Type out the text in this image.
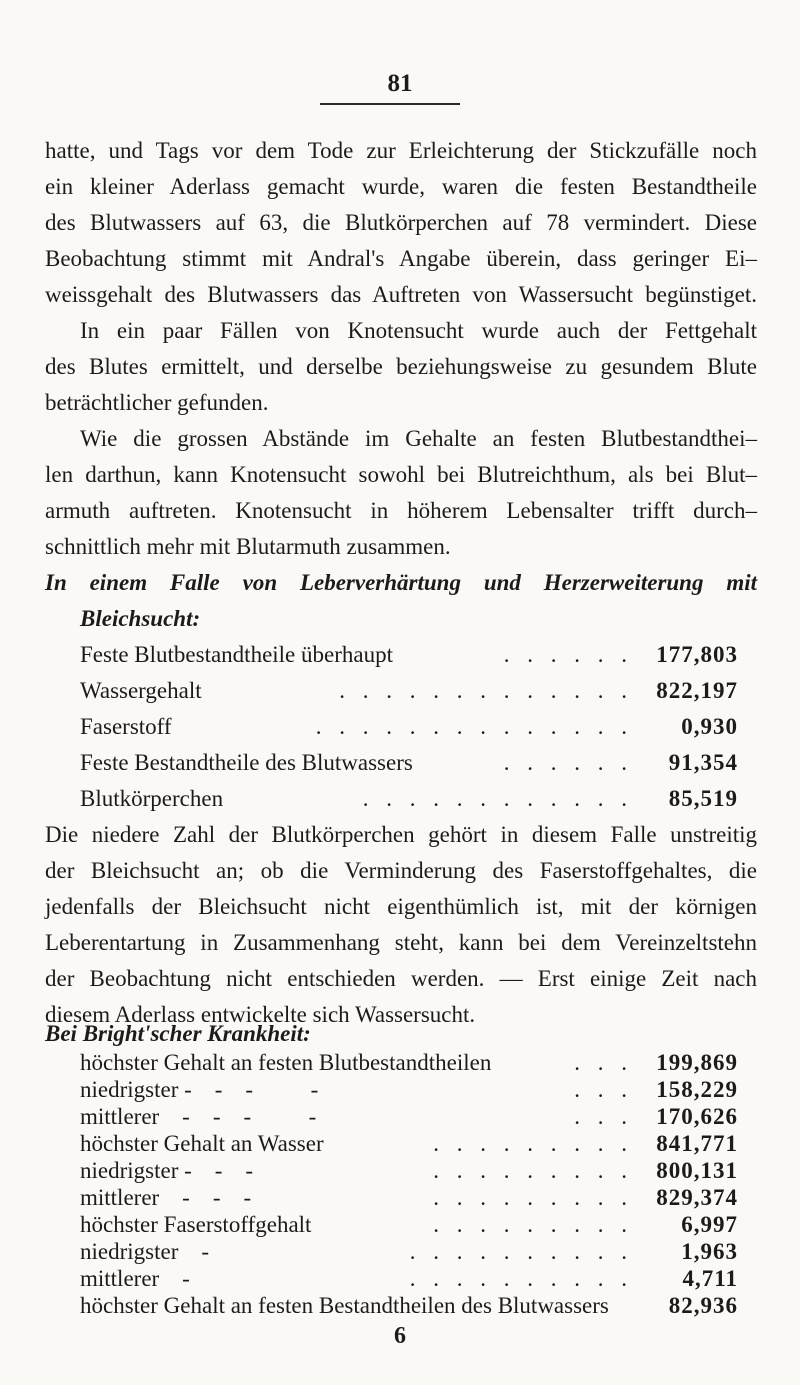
81
hatte, und Tags vor dem Tode zur Erleichterung der Stickzufälle noch
ein kleiner Aderlass gemacht wurde, waren die festen Bestandtheile
des Blutwassers auf 63, die Blutkörperchen auf 78 vermindert. Diese
Beobachtung stimmt mit Andral's Angabe überein, dass geringer Ei–
weissgehalt des Blutwassers das Auftreten von Wassersucht begünstiget.
In ein paar Fällen von Knotensucht wurde auch der Fettgehalt
des Blutes ermittelt, und derselbe beziehungsweise zu gesundem Blute
beträchtlicher gefunden.
Wie die grossen Abstände im Gehalte an festen Blutbestandthei–
len darthun, kann Knotensucht sowohl bei Blutreichthum, als bei Blut–
armuth auftreten. Knotensucht in höherem Lebensalter trifft durch–
schnittlich mehr mit Blutarmuth zusammen.
In einem Falle von Leberverhärtung und Herzerweiterung mit
Bleichsucht:
Feste Blutbestandtheile überhaupt	. . . . . .	177,803
Wassergehalt	. . . . . . . . . . . . .	822,197
Faserstoff	. . . . . . . . . . . . . .	0,930
Feste Bestandtheile des Blutwassers	. . . . . .	91,354
Blutkörperchen	. . . . . . . . . . . .	85,519
Die niedere Zahl der Blutkörperchen gehört in diesem Falle unstreitig
der Bleichsucht an; ob die Verminderung des Faserstoffgehaltes, die
jedenfalls der Bleichsucht nicht eigenthümlich ist, mit der körnigen
Leberentartung in Zusammenhang steht, kann bei dem Vereinzeltstehn
der Beobachtung nicht entschieden werden. — Erst einige Zeit nach
diesem Aderlass entwickelte sich Wassersucht.
Bei Bright'scher Krankheit:
höchster Gehalt an festen Blutbestandtheilen	. . .	199,869
niedrigster -    -    -          -	. . .	158,229
mittlerer    -    -    -          -	. . .	170,626
höchster Gehalt an Wasser	. . . . . . . . .	841,771
niedrigster -    -    -	. . . . . . . . .	800,131
mittlerer    -    -    -	. . . . . . . . .	829,374
höchster Faserstoffgehalt	. . . . . . . . .	6,997
6
niedrigster    -	. . . . . . . . . .	1,963
mittlerer    -	. . . . . . . . . .	4,711
höchster Gehalt an festen Bestandtheilen des Blutwassers	82,936
